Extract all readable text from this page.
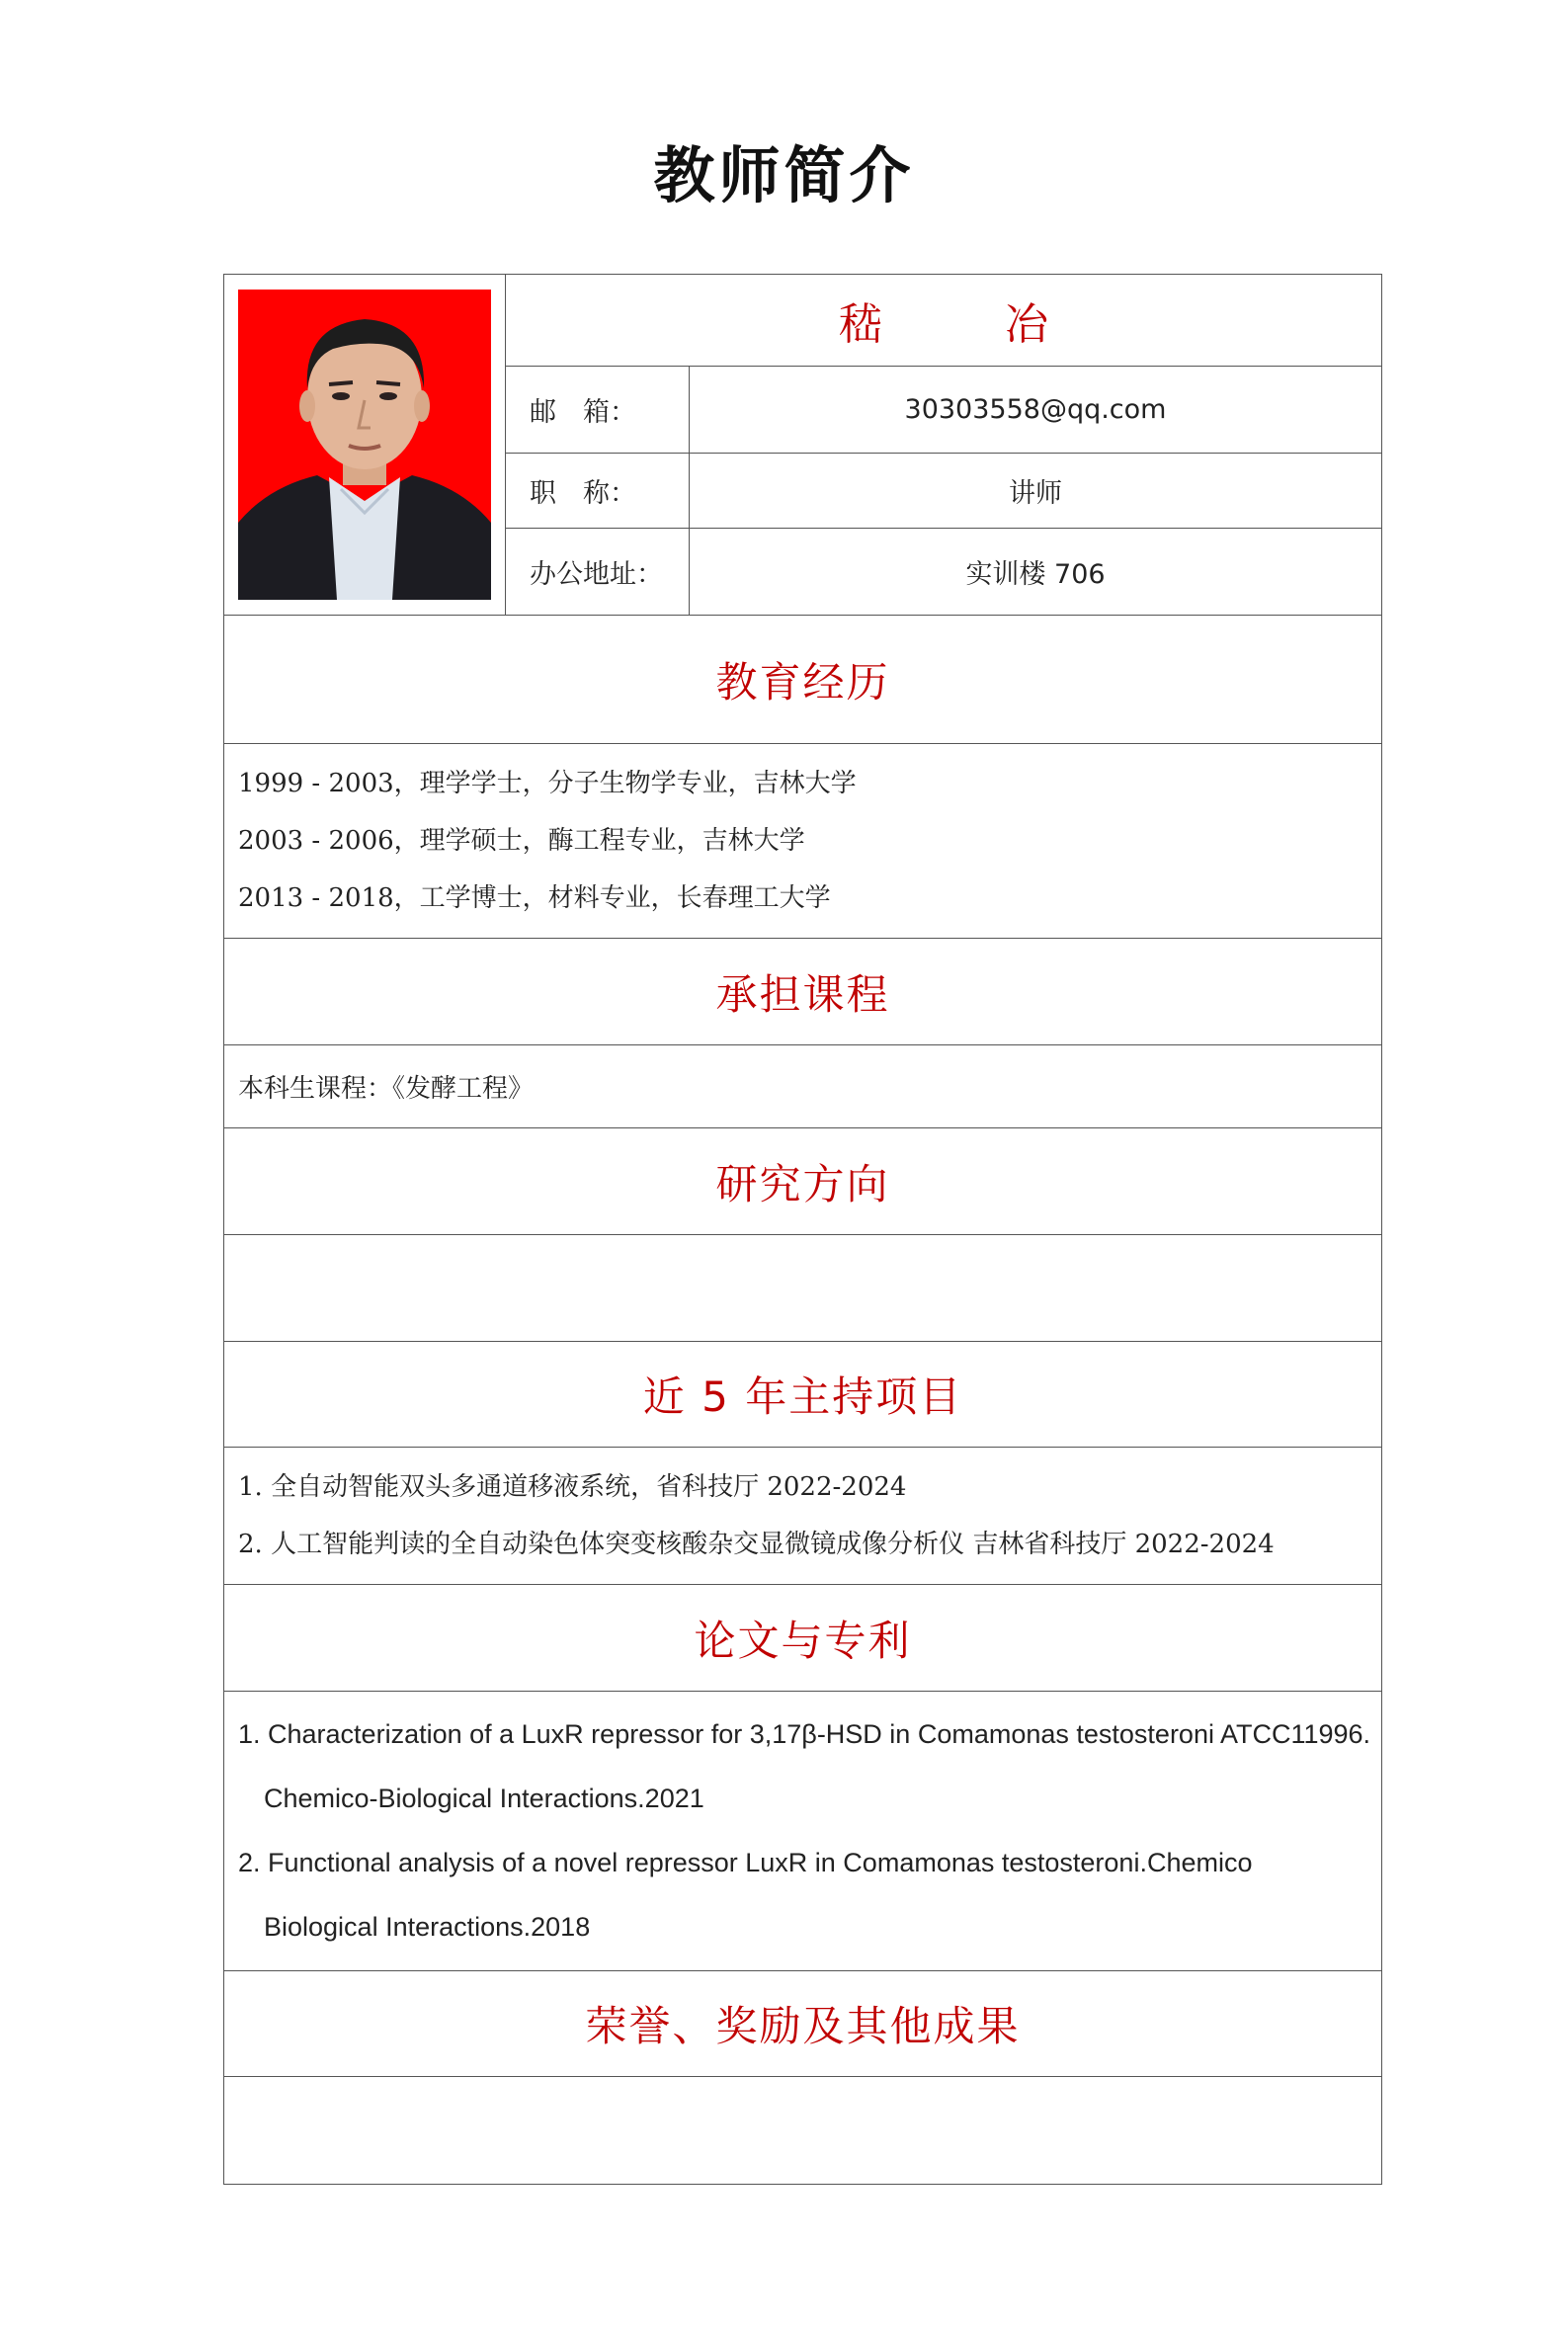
教师简介
	嵇　冶	

	邮　箱：	30303558@qq.com

	职　称：	讲师

	办公地址：	实训楼 706
教育经历		

1999 - 2003，理学学士，分子生物学专业，吉林大学
2003 - 2006，理学硕士，酶工程专业，吉林大学
2013 - 2018，工学博士，材料专业，长春理工大学		

承担课程		

本科生课程：《发酵工程》		

研究方向		

近 5 年主持项目		

1. 全自动智能双头多通道移液系统，省科技厅 2022-2024
2. 人工智能判读的全自动染色体突变核酸杂交显微镜成像分析仪 吉林省科技厅 2022-2024		

论文与专利		

1. Characterization of a LuxR repressor for 3,17β-HSD in Comamonas testosteroni ATCC11996.
Chemico-Biological Interactions.2021
2. Functional analysis of a novel repressor LuxR in Comamonas testosteroni.Chemico
Biological Interactions.2018		

荣誉、奖励及其他成果		
